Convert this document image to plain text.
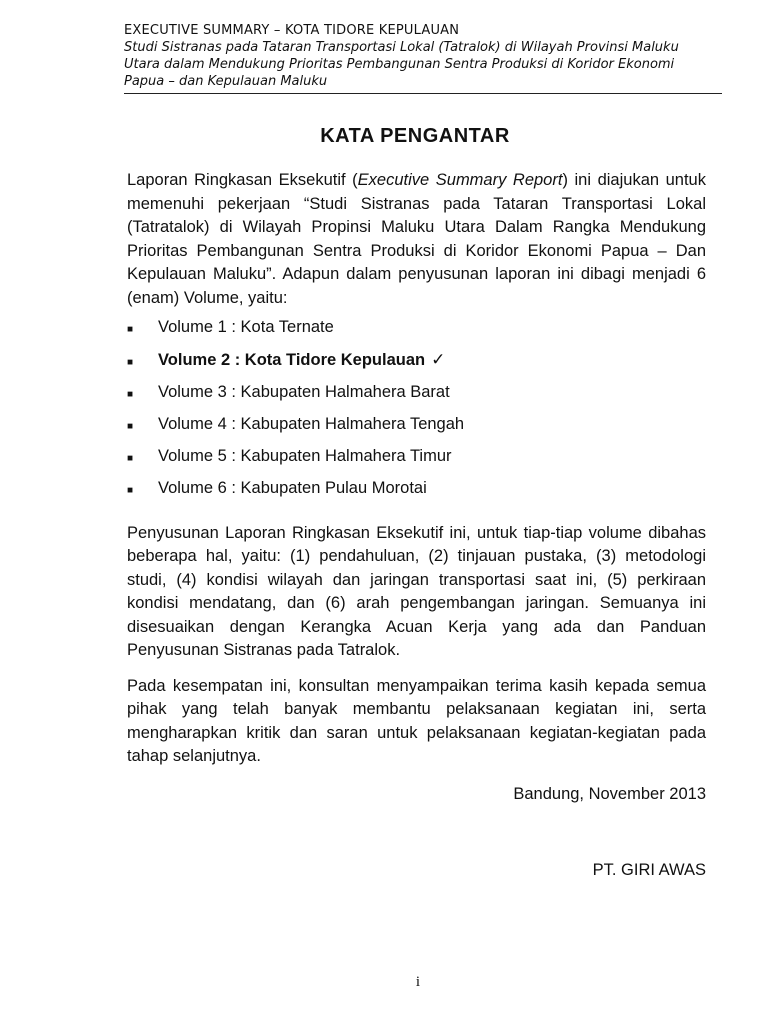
EXECUTIVE SUMMARY – KOTA TIDORE KEPULAUAN
Studi Sistranas pada Tataran Transportasi Lokal (Tatralok) di Wilayah Provinsi Maluku
Utara dalam Mendukung Prioritas Pembangunan Sentra Produksi di Koridor Ekonomi
Papua – dan Kepulauan Maluku
KATA PENGANTAR

Laporan Ringkasan Eksekutif (Executive Summary Report) ini diajukan untuk memenuhi pekerjaan “Studi Sistranas pada Tataran Transportasi Lokal (Tatratalok) di Wilayah Propinsi Maluku Utara Dalam Rangka Mendukung Prioritas Pembangunan Sentra Produksi di Koridor Ekonomi Papua – Dan Kepulauan Maluku”. Adapun dalam penyusunan laporan ini dibagi menjadi 6 (enam) Volume, yaitu:

■
Volume 1 : Kota Ternate
■
Volume 2 : Kota Tidore Kepulauan ✓
■
Volume 3 : Kabupaten Halmahera Barat
■
Volume 4 : Kabupaten Halmahera Tengah
■
Volume 5 : Kabupaten Halmahera Timur
■
Volume 6 : Kabupaten Pulau Morotai

Penyusunan Laporan Ringkasan Eksekutif ini, untuk tiap-tiap volume dibahas beberapa hal, yaitu: (1) pendahuluan, (2) tinjauan pustaka, (3) metodologi studi, (4) kondisi wilayah dan jaringan transportasi saat ini, (5) perkiraan kondisi mendatang, dan (6) arah pengembangan jaringan. Semuanya ini disesuaikan dengan Kerangka Acuan Kerja yang ada dan Panduan Penyusunan Sistranas pada Tatralok.

Pada kesempatan ini, konsultan menyampaikan terima kasih kepada semua pihak yang telah banyak membantu pelaksanaan kegiatan ini, serta mengharapkan kritik dan saran untuk pelaksanaan kegiatan-kegiatan pada tahap selanjutnya.

Bandung, November 2013

PT. GIRI AWAS

i
